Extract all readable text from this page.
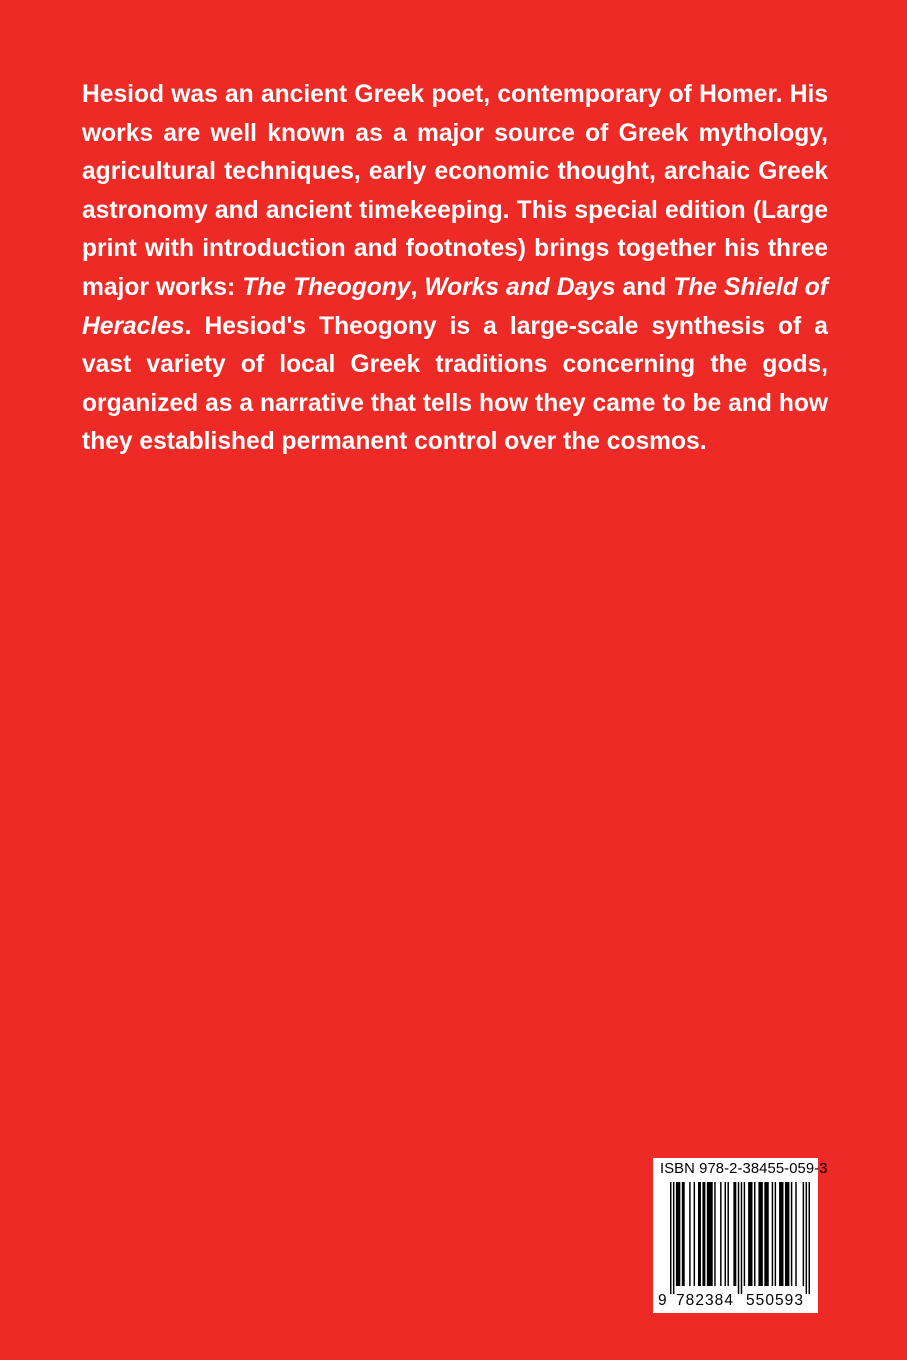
Hesiod was an ancient Greek poet, contemporary of Homer. His works are well known as a major source of Greek mythology, agricultural techniques, early economic thought, archaic Greek astronomy and ancient timekeeping. This special edition (Large print with introduction and footnotes) brings together his three major works: The Theogony, Works and Days and The Shield of Heracles. Hesiod's Theogony is a large-scale synthesis of a vast variety of local Greek traditions concerning the gods, organized as a narrative that tells how they came to be and how they established permanent control over the cosmos.

ISBN 978-2-38455-059-3
9 782384 550593
